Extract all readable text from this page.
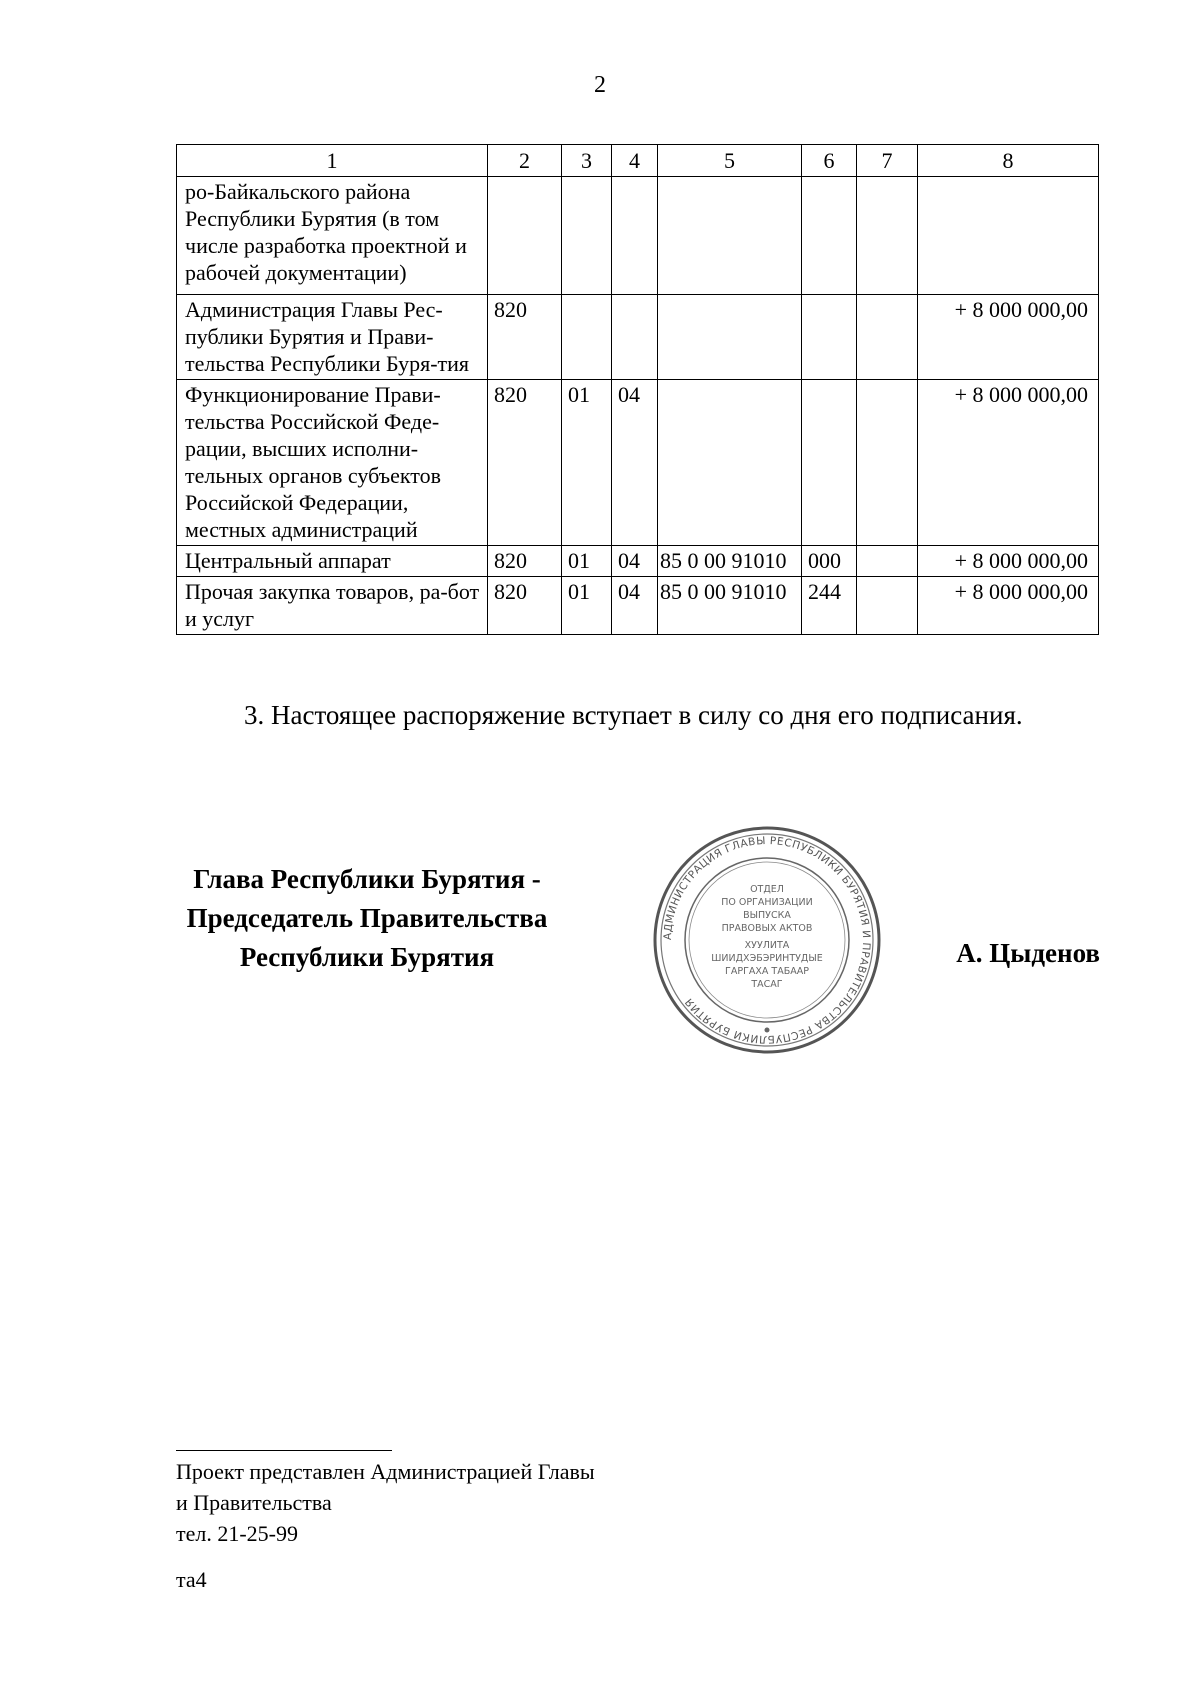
2
1	2	3	4	5	6	7	8
ро-Байкальского района Республики Бурятия (в том числе разработка проектной и рабочей документации)							
Администрация Главы Рес-публики Бурятия и Прави-тельства Республики Буря-тия	820						+ 8 000 000,00
Функционирование Прави-тельства Российской Феде-рации, высших исполни-тельных органов субъектов Российской Федерации, местных администраций	820	01	04				+ 8 000 000,00
Центральный аппарат	820	01	04	85 0 00 91010	000		+ 8 000 000,00
Прочая закупка товаров, ра-бот и услуг	820	01	04	85 0 00 91010	244		+ 8 000 000,00
3. Настоящее распоряжение вступает в силу со дня его подписания.
Глава Республики Бурятия -
Председатель Правительства
Республики Бурятия
АДМИНИСТРАЦИЯ ГЛАВЫ РЕСПУБЛИКИ БУРЯТИЯ И ПРАВИТЕЛЬСТВА РЕСПУБЛИКИ БУРЯТИЯ
ОТДЕЛ
ПО ОРГАНИЗАЦИИ
ВЫПУСКА
ПРАВОВЫХ АКТОВ
ХУУЛИТА
ШИИДХЭБЭРИНТУДЫЕ
ГАРГАХА ТАБААР
ТАСАГ
А. Цыденов
Проект представлен Администрацией Главы
и Правительства
тел. 21-25-99
та4
